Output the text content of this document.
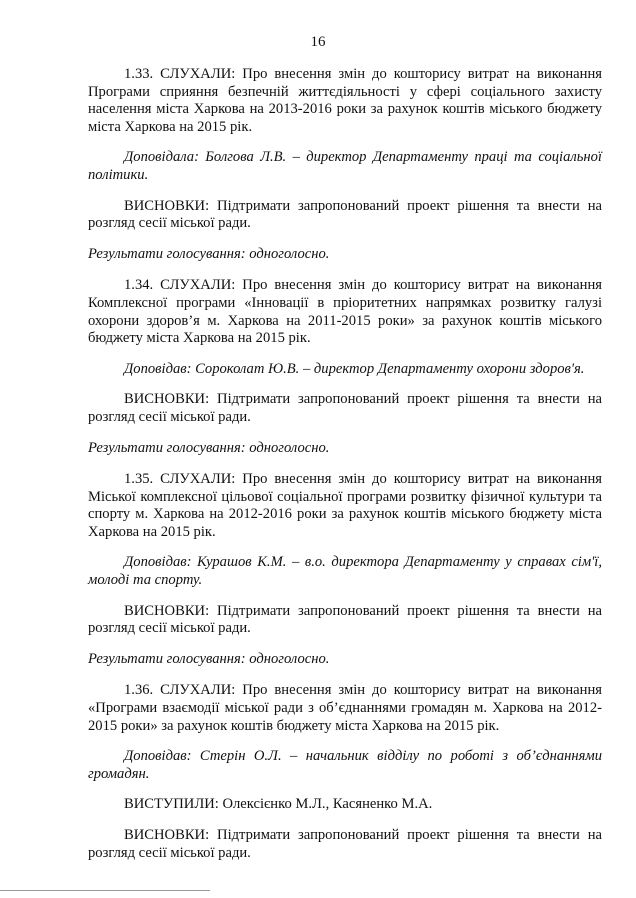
16

1.33. СЛУХАЛИ: Про внесення змін до кошторису витрат на виконання Програми сприяння безпечній життєдіяльності у сфері соціального захисту населення міста Харкова на 2013-2016 роки за рахунок коштів міського бюджету міста Харкова на 2015 рік.

Доповідала: Болгова Л.В. – директор Департаменту праці та соціальної політики.

ВИСНОВКИ: Підтримати запропонований проект рішення та внести на розгляд сесії міської ради.

Результати голосування: одноголосно.

1.34. СЛУХАЛИ: Про внесення змін до кошторису витрат на виконання Комплексної програми «Інновації в пріоритетних напрямках розвитку галузі охорони здоров’я м. Харкова на 2011-2015 роки» за рахунок коштів міського бюджету міста Харкова на 2015 рік.

Доповідав: Сороколат Ю.В. – директор Департаменту охорони здоров'я.

ВИСНОВКИ: Підтримати запропонований проект рішення та внести на розгляд сесії міської ради.

Результати голосування: одноголосно.

1.35. СЛУХАЛИ: Про внесення змін до кошторису витрат на виконання Міської комплексної цільової соціальної програми розвитку фізичної культури та спорту м. Харкова на 2012-2016 роки за рахунок коштів міського бюджету міста Харкова на 2015 рік.

Доповідав: Курашов К.М. – в.о. директора Департаменту у справах сім'ї, молоді та спорту.

ВИСНОВКИ: Підтримати запропонований проект рішення та внести на розгляд сесії міської ради.

Результати голосування: одноголосно.

1.36. СЛУХАЛИ: Про внесення змін до кошторису витрат на виконання «Програми взаємодії міської ради з об’єднаннями громадян м. Харкова на 2012-2015 роки» за рахунок коштів бюджету міста Харкова на 2015 рік.

Доповідав: Стерін О.Л. – начальник відділу по роботі з об’єднаннями громадян.

ВИСТУПИЛИ: Олексієнко М.Л., Касяненко М.А.

ВИСНОВКИ: Підтримати запропонований проект рішення та внести на розгляд сесії міської ради.
